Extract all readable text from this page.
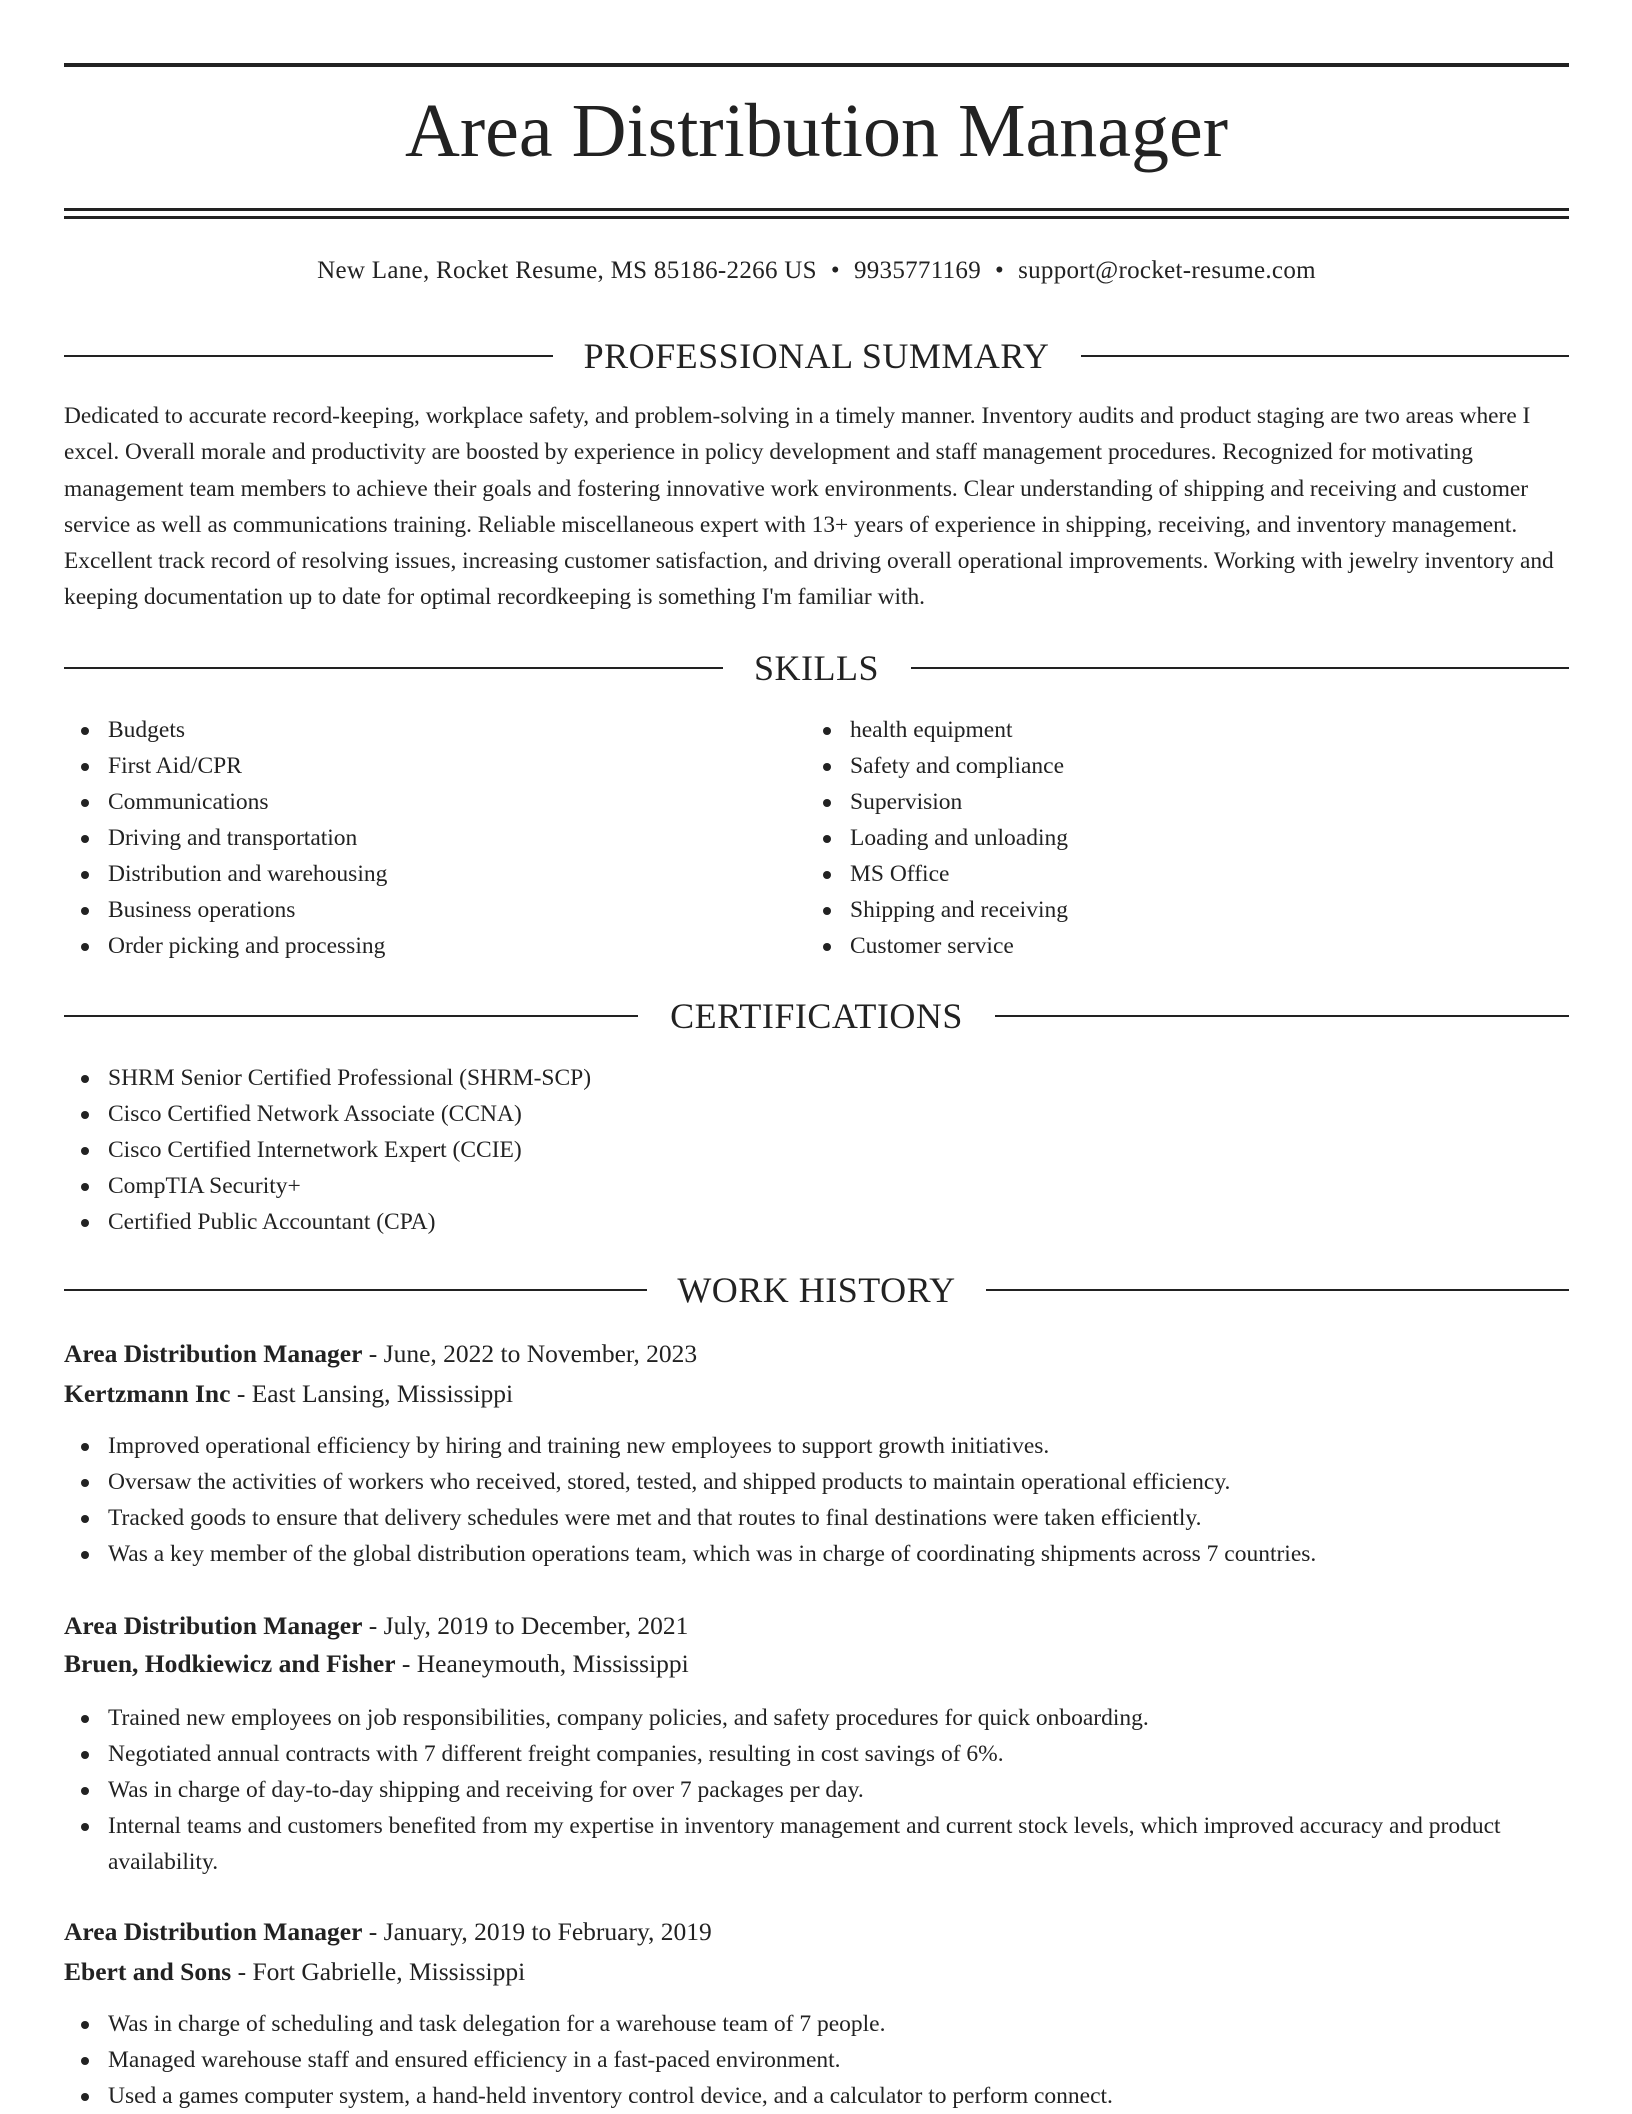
Area Distribution Manager
New Lane, Rocket Resume, MS 85186-2266 US • 9935771169 • support@rocket-resume.com
PROFESSIONAL SUMMARY

Dedicated to accurate record-keeping, workplace safety, and problem-solving in a timely manner. Inventory audits and product staging are two areas where I excel. Overall morale and productivity are boosted by experience in policy development and staff management procedures. Recognized for motivating management team members to achieve their goals and fostering innovative work environments. Clear understanding of shipping and receiving and customer service as well as communications training. Reliable miscellaneous expert with 13+ years of experience in shipping, receiving, and inventory management. Excellent track record of resolving issues, increasing customer satisfaction, and driving overall operational improvements. Working with jewelry inventory and keeping documentation up to date for optimal recordkeeping is something I'm familiar with.

SKILLS
Budgets
First Aid/CPR
Communications
Driving and transportation
Distribution and warehousing
Business operations
Order picking and processing
health equipment
Safety and compliance
Supervision
Loading and unloading
MS Office
Shipping and receiving
Customer service
CERTIFICATIONS
SHRM Senior Certified Professional (SHRM-SCP)
Cisco Certified Network Associate (CCNA)
Cisco Certified Internetwork Expert (CCIE)
CompTIA Security+
Certified Public Accountant (CPA)
WORK HISTORY
Area Distribution Manager - June, 2022 to November, 2023
Kertzmann Inc - East Lansing, Mississippi
Improved operational efficiency by hiring and training new employees to support growth initiatives.
Oversaw the activities of workers who received, stored, tested, and shipped products to maintain operational efficiency.
Tracked goods to ensure that delivery schedules were met and that routes to final destinations were taken efficiently.
Was a key member of the global distribution operations team, which was in charge of coordinating shipments across 7 countries.
Area Distribution Manager - July, 2019 to December, 2021
Bruen, Hodkiewicz and Fisher - Heaneymouth, Mississippi
Trained new employees on job responsibilities, company policies, and safety procedures for quick onboarding.
Negotiated annual contracts with 7 different freight companies, resulting in cost savings of 6%.
Was in charge of day-to-day shipping and receiving for over 7 packages per day.
Internal teams and customers benefited from my expertise in inventory management and current stock levels, which improved accuracy and product availability.
Area Distribution Manager - January, 2019 to February, 2019
Ebert and Sons - Fort Gabrielle, Mississippi
Was in charge of scheduling and task delegation for a warehouse team of 7 people.
Managed warehouse staff and ensured efficiency in a fast-paced environment.
Used a games computer system, a hand-held inventory control device, and a calculator to perform connect.
